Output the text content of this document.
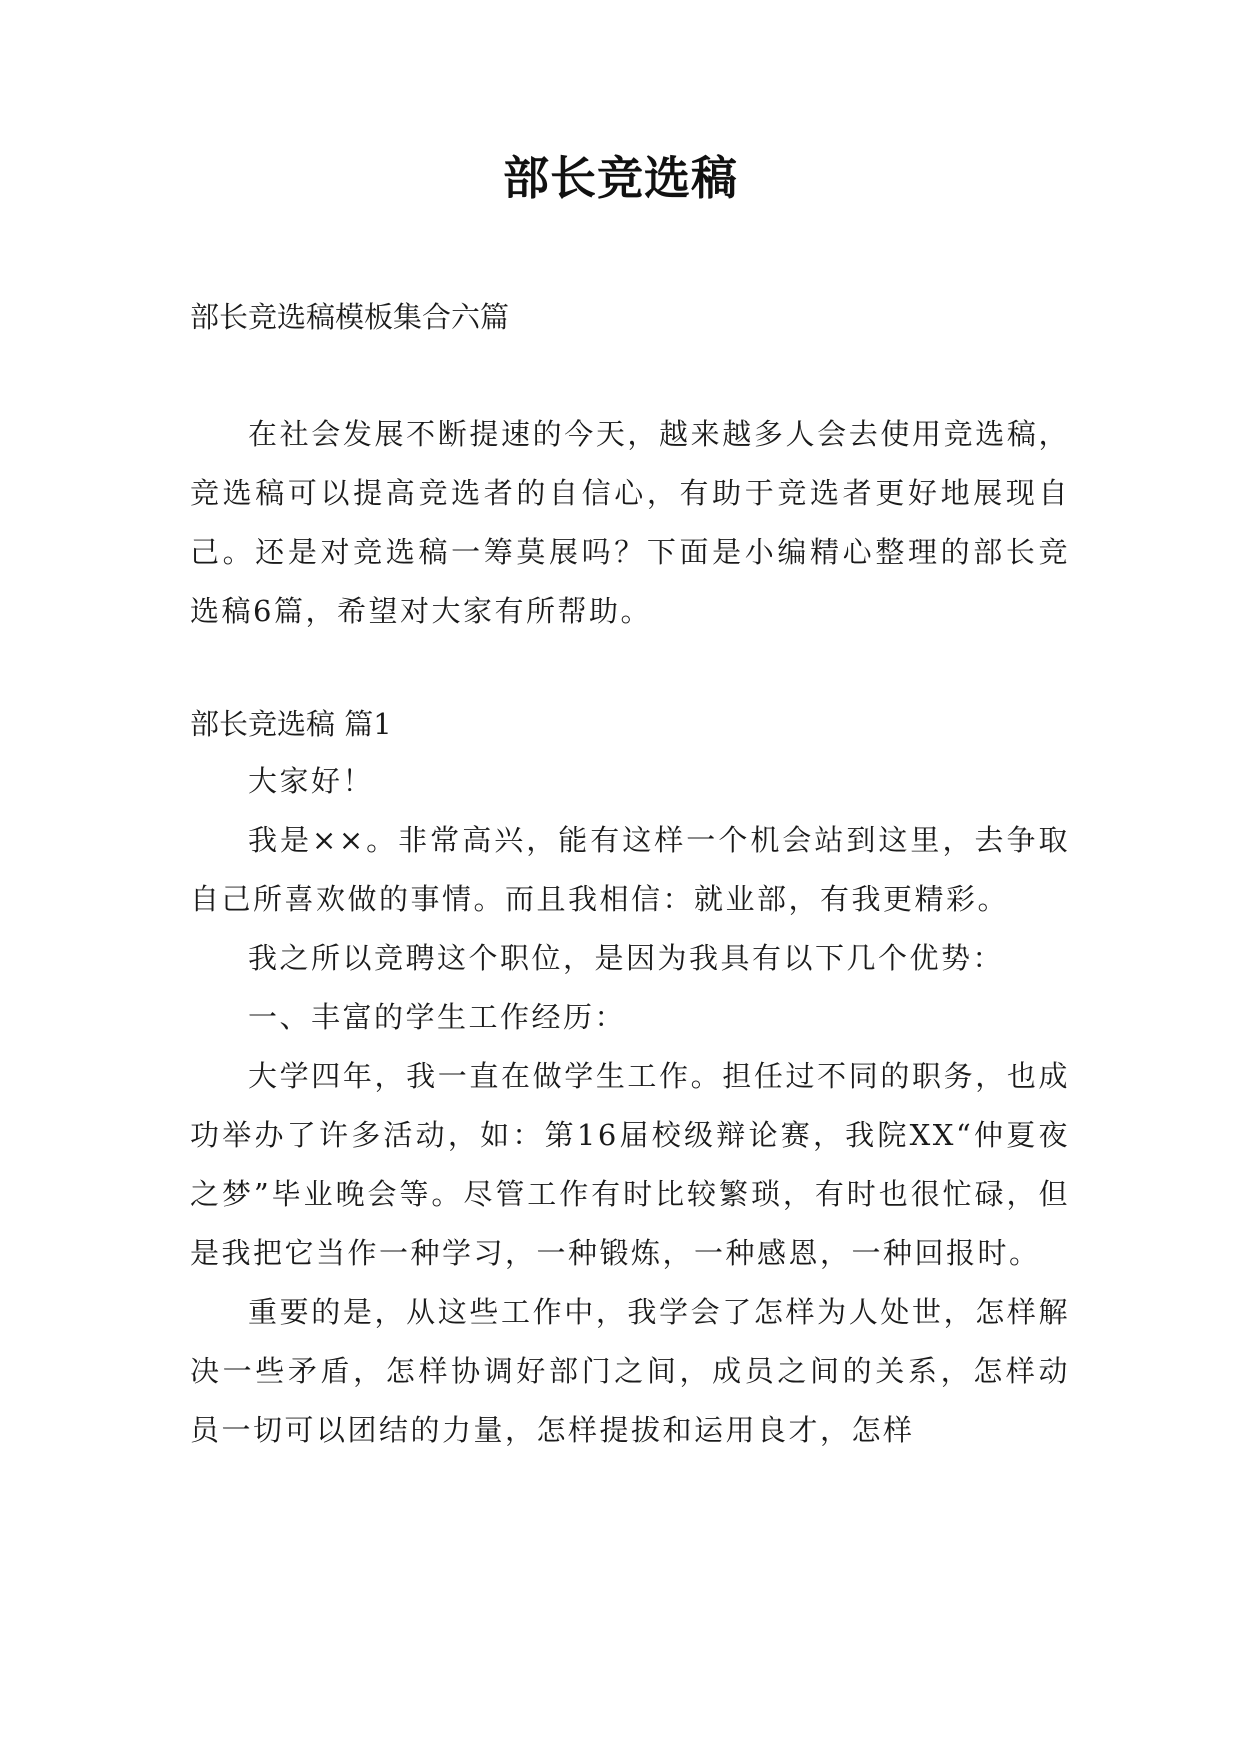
部长竞选稿
部长竞选稿模板集合六篇
在社会发展不断提速的今天，越来越多人会去使用竞选稿，竞选稿可以提高竞选者的自信心，有助于竞选者更好地展现自己。还是对竞选稿一筹莫展吗？下面是小编精心整理的部长竞选稿6篇，希望对大家有所帮助。
部长竞选稿 篇1

大家好！

我是××。非常高兴，能有这样一个机会站到这里，去争取自己所喜欢做的事情。而且我相信：就业部，有我更精彩。

我之所以竞聘这个职位，是因为我具有以下几个优势：

一、丰富的学生工作经历：

大学四年，我一直在做学生工作。担任过不同的职务，也成功举办了许多活动，如：第16届校级辩论赛，我院XX“仲夏夜之梦”毕业晚会等。尽管工作有时比较繁琐，有时也很忙碌，但是我把它当作一种学习，一种锻炼，一种感恩，一种回报时。

重要的是，从这些工作中，我学会了怎样为人处世，怎样解决一些矛盾，怎样协调好部门之间，成员之间的关系，怎样动员一切可以团结的力量，怎样提拔和运用良才，怎样
